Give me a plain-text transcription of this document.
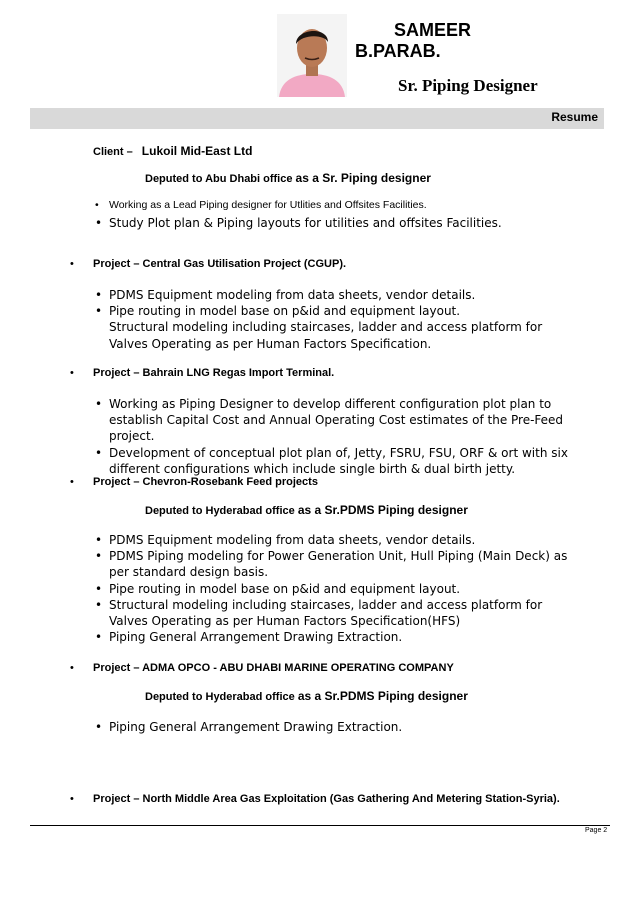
SAMEER
B.PARAB.
Sr. Piping Designer
Resume
Client – Lukoil Mid-East Ltd
Deputed to Abu Dhabi office as a Sr. Piping designer
• Working as a Lead Piping designer for Utlities and Offsites Facilities.
• Study Plot plan & Piping layouts for utilities and offsites Facilities.
• Project – Central Gas Utilisation Project (CGUP).
• PDMS Equipment modeling from data sheets, vendor details.
• Pipe routing in model base on p&id and equipment layout.
Structural modeling including staircases, ladder and access platform for Valves Operating as per Human Factors Specification.
• Project – Bahrain LNG Regas Import Terminal.
• Working as Piping Designer to develop different configuration plot plan to establish Capital Cost and Annual Operating Cost estimates of the Pre-Feed project.
• Development of conceptual plot plan of, Jetty, FSRU, FSU, ORF & ort with six different configurations which include single birth & dual birth jetty.
• Project – Chevron-Rosebank Feed projects
Deputed to Hyderabad office as a Sr.PDMS Piping designer
• PDMS Equipment modeling from data sheets, vendor details.
• PDMS Piping modeling for Power Generation Unit, Hull Piping (Main Deck) as per standard design basis.
• Pipe routing in model base on p&id and equipment layout.
• Structural modeling including staircases, ladder and access platform for Valves Operating as per Human Factors Specification(HFS)
• Piping General Arrangement Drawing Extraction.
• Project – ADMA OPCO - ABU DHABI MARINE OPERATING COMPANY
Deputed to Hyderabad office as a Sr.PDMS Piping designer
• Piping General Arrangement Drawing Extraction.
• Project – North Middle Area Gas Exploitation (Gas Gathering And Metering Station-Syria).
Page 2
